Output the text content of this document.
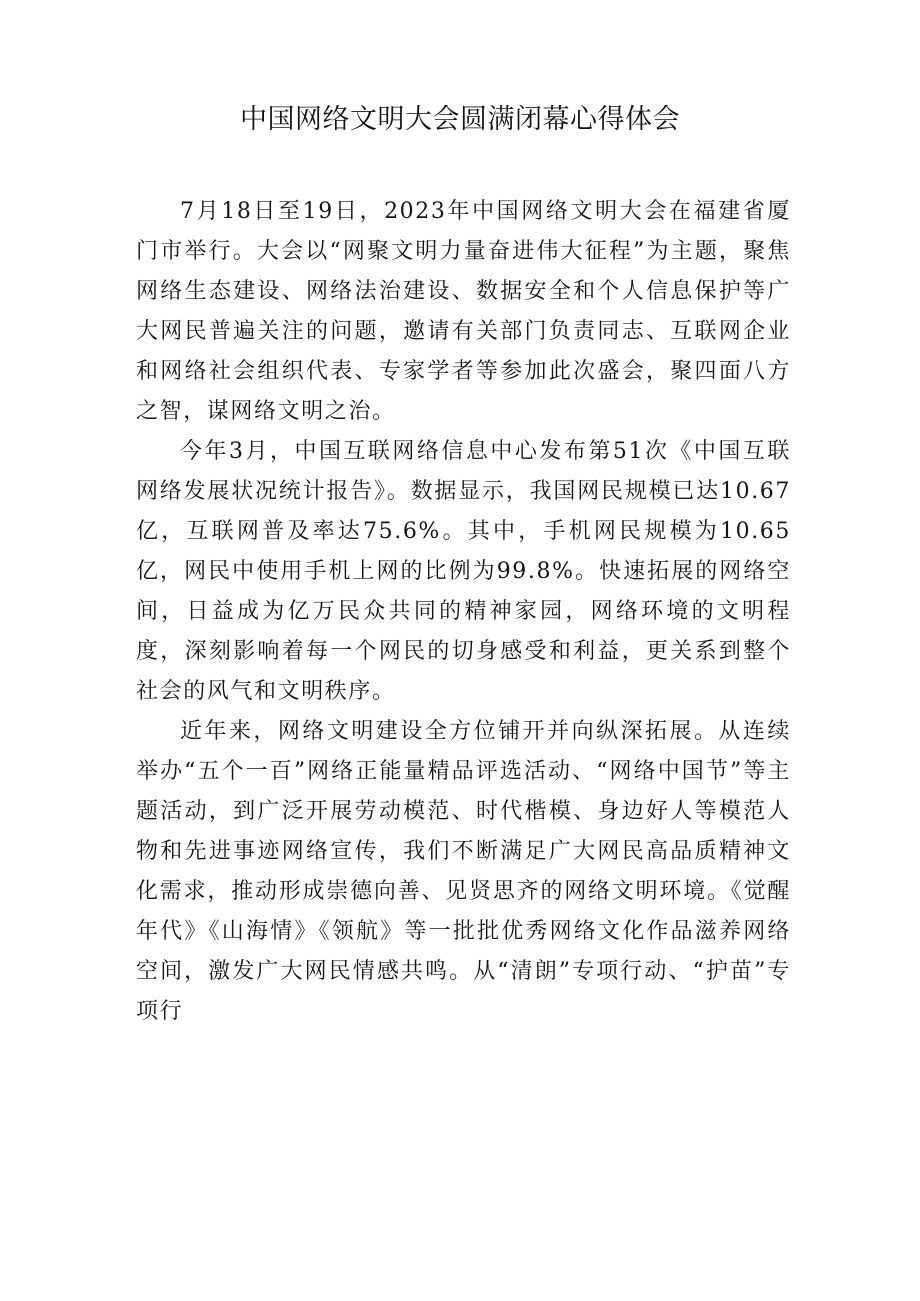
中国网络文明大会圆满闭幕心得体会

7月18日至19日，2023年中国网络文明大会在福建省厦门市举行。大会以“网聚文明力量奋进伟大征程”为主题，聚焦网络生态建设、网络法治建设、数据安全和个人信息保护等广大网民普遍关注的问题，邀请有关部门负责同志、互联网企业和网络社会组织代表、专家学者等参加此次盛会，聚四面八方之智，谋网络文明之治。

今年3月，中国互联网络信息中心发布第51次《中国互联网络发展状况统计报告》。数据显示，我国网民规模已达10.67亿，互联网普及率达75.6%。其中，手机网民规模为10.65亿，网民中使用手机上网的比例为99.8%。快速拓展的网络空间，日益成为亿万民众共同的精神家园，网络环境的文明程度，深刻影响着每一个网民的切身感受和利益，更关系到整个社会的风气和文明秩序。

近年来，网络文明建设全方位铺开并向纵深拓展。从连续举办“五个一百”网络正能量精品评选活动、“网络中国节”等主题活动，到广泛开展劳动模范、时代楷模、身边好人等模范人物和先进事迹网络宣传，我们不断满足广大网民高品质精神文化需求，推动形成崇德向善、见贤思齐的网络文明环境。《觉醒年代》《山海情》《领航》等一批批优秀网络文化作品滋养网络空间，激发广大网民情感共鸣。从“清朗”专项行动、“护苗”专项行
